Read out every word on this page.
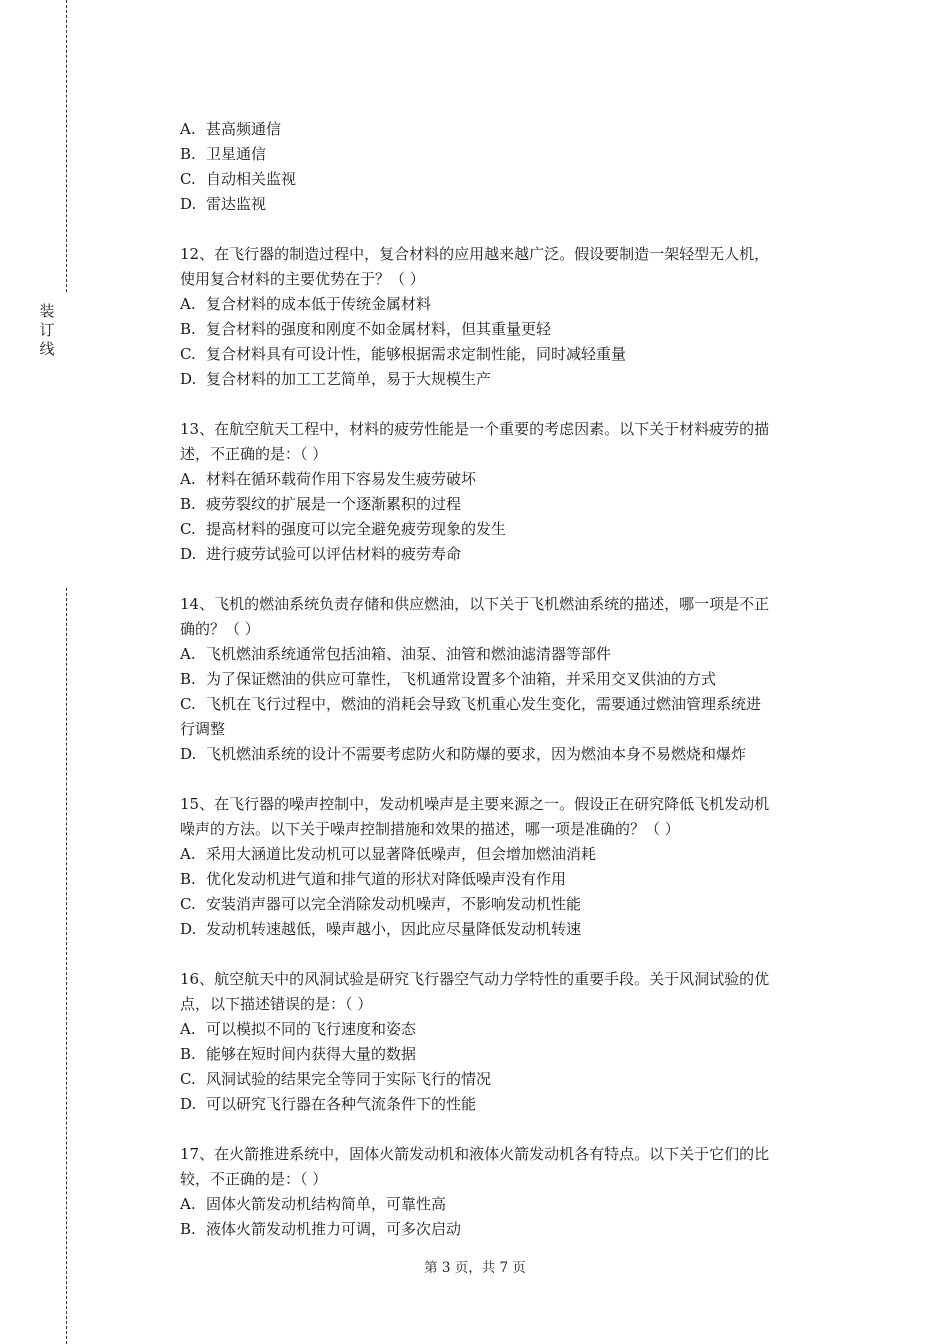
装
订
线

A. 甚高频通信

B. 卫星通信

C. 自动相关监视

D. 雷达监视

12、在飞行器的制造过程中，复合材料的应用越来越广泛。假设要制造一架轻型无人机，

使用复合材料的主要优势在于？（ ）

A. 复合材料的成本低于传统金属材料

B. 复合材料的强度和刚度不如金属材料，但其重量更轻

C. 复合材料具有可设计性，能够根据需求定制性能，同时减轻重量

D. 复合材料的加工工艺简单，易于大规模生产

13、在航空航天工程中，材料的疲劳性能是一个重要的考虑因素。以下关于材料疲劳的描

述，不正确的是：（ ）

A. 材料在循环载荷作用下容易发生疲劳破坏

B. 疲劳裂纹的扩展是一个逐渐累积的过程

C. 提高材料的强度可以完全避免疲劳现象的发生

D. 进行疲劳试验可以评估材料的疲劳寿命

14、飞机的燃油系统负责存储和供应燃油，以下关于飞机燃油系统的描述，哪一项是不正

确的？（ ）

A. 飞机燃油系统通常包括油箱、油泵、油管和燃油滤清器等部件

B. 为了保证燃油的供应可靠性，飞机通常设置多个油箱，并采用交叉供油的方式

C. 飞机在飞行过程中，燃油的消耗会导致飞机重心发生变化，需要通过燃油管理系统进

行调整

D. 飞机燃油系统的设计不需要考虑防火和防爆的要求，因为燃油本身不易燃烧和爆炸

15、在飞行器的噪声控制中，发动机噪声是主要来源之一。假设正在研究降低飞机发动机

噪声的方法。以下关于噪声控制措施和效果的描述，哪一项是准确的？（ ）

A. 采用大涵道比发动机可以显著降低噪声，但会增加燃油消耗

B. 优化发动机进气道和排气道的形状对降低噪声没有作用

C. 安装消声器可以完全消除发动机噪声，不影响发动机性能

D. 发动机转速越低，噪声越小，因此应尽量降低发动机转速

16、航空航天中的风洞试验是研究飞行器空气动力学特性的重要手段。关于风洞试验的优

点，以下描述错误的是：（ ）

A. 可以模拟不同的飞行速度和姿态

B. 能够在短时间内获得大量的数据

C. 风洞试验的结果完全等同于实际飞行的情况

D. 可以研究飞行器在各种气流条件下的性能

17、在火箭推进系统中，固体火箭发动机和液体火箭发动机各有特点。以下关于它们的比

较，不正确的是：（ ）

A. 固体火箭发动机结构简单，可靠性高

B. 液体火箭发动机推力可调，可多次启动

第 3 页，共 7 页
